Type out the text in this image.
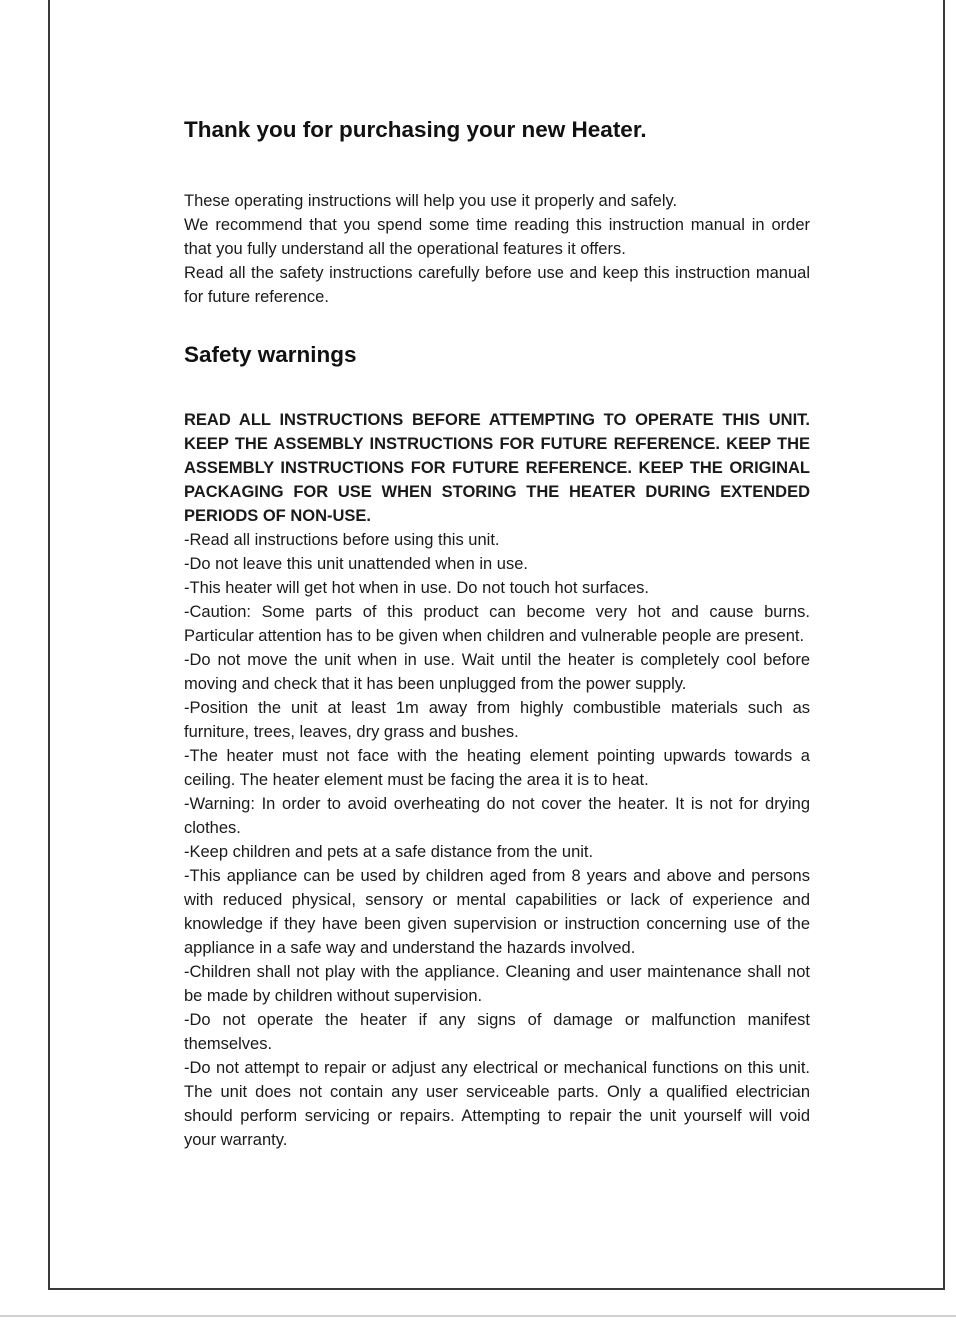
Thank you for purchasing your new Heater.

These operating instructions will help you use it properly and safely.

We recommend that you spend some time reading this instruction manual in order that you fully understand all the operational features it offers.

Read all the safety instructions carefully before use and keep this instruction manual for future reference.

Safety warnings
READ ALL INSTRUCTIONS BEFORE ATTEMPTING TO OPERATE THIS UNIT. KEEP THE ASSEMBLY INSTRUCTIONS FOR FUTURE REFERENCE. KEEP THE ASSEMBLY INSTRUCTIONS FOR FUTURE REFERENCE. KEEP THE ORIGINAL PACKAGING FOR USE WHEN STORING THE HEATER DURING EXTENDED PERIODS OF NON-USE.

-Read all instructions before using this unit.

-Do not leave this unit unattended when in use.

-This heater will get hot when in use. Do not touch hot surfaces.

-Caution: Some parts of this product can become very hot and cause burns. Particular attention has to be given when children and vulnerable people are present.

-Do not move the unit when in use. Wait until the heater is completely cool before moving and check that it has been unplugged from the power supply.

-Position the unit at least 1m away from highly combustible materials such as furniture, trees, leaves, dry grass and bushes.

-The heater must not face with the heating element pointing upwards towards a ceiling. The heater element must be facing the area it is to heat.

-Warning: In order to avoid overheating do not cover the heater. It is not for drying clothes.

-Keep children and pets at a safe distance from the unit.

-This appliance can be used by children aged from 8 years and above and persons with reduced physical, sensory or mental capabilities or lack of experience and knowledge if they have been given supervision or instruction concerning use of the appliance in a safe way and understand the hazards involved.

-Children shall not play with the appliance. Cleaning and user maintenance shall not be made by children without supervision.

-Do not operate the heater if any signs of damage or malfunction manifest themselves.

-Do not attempt to repair or adjust any electrical or mechanical functions on this unit. The unit does not contain any user serviceable parts. Only a qualified electrician should perform servicing or repairs. Attempting to repair the unit yourself will void your warranty.
